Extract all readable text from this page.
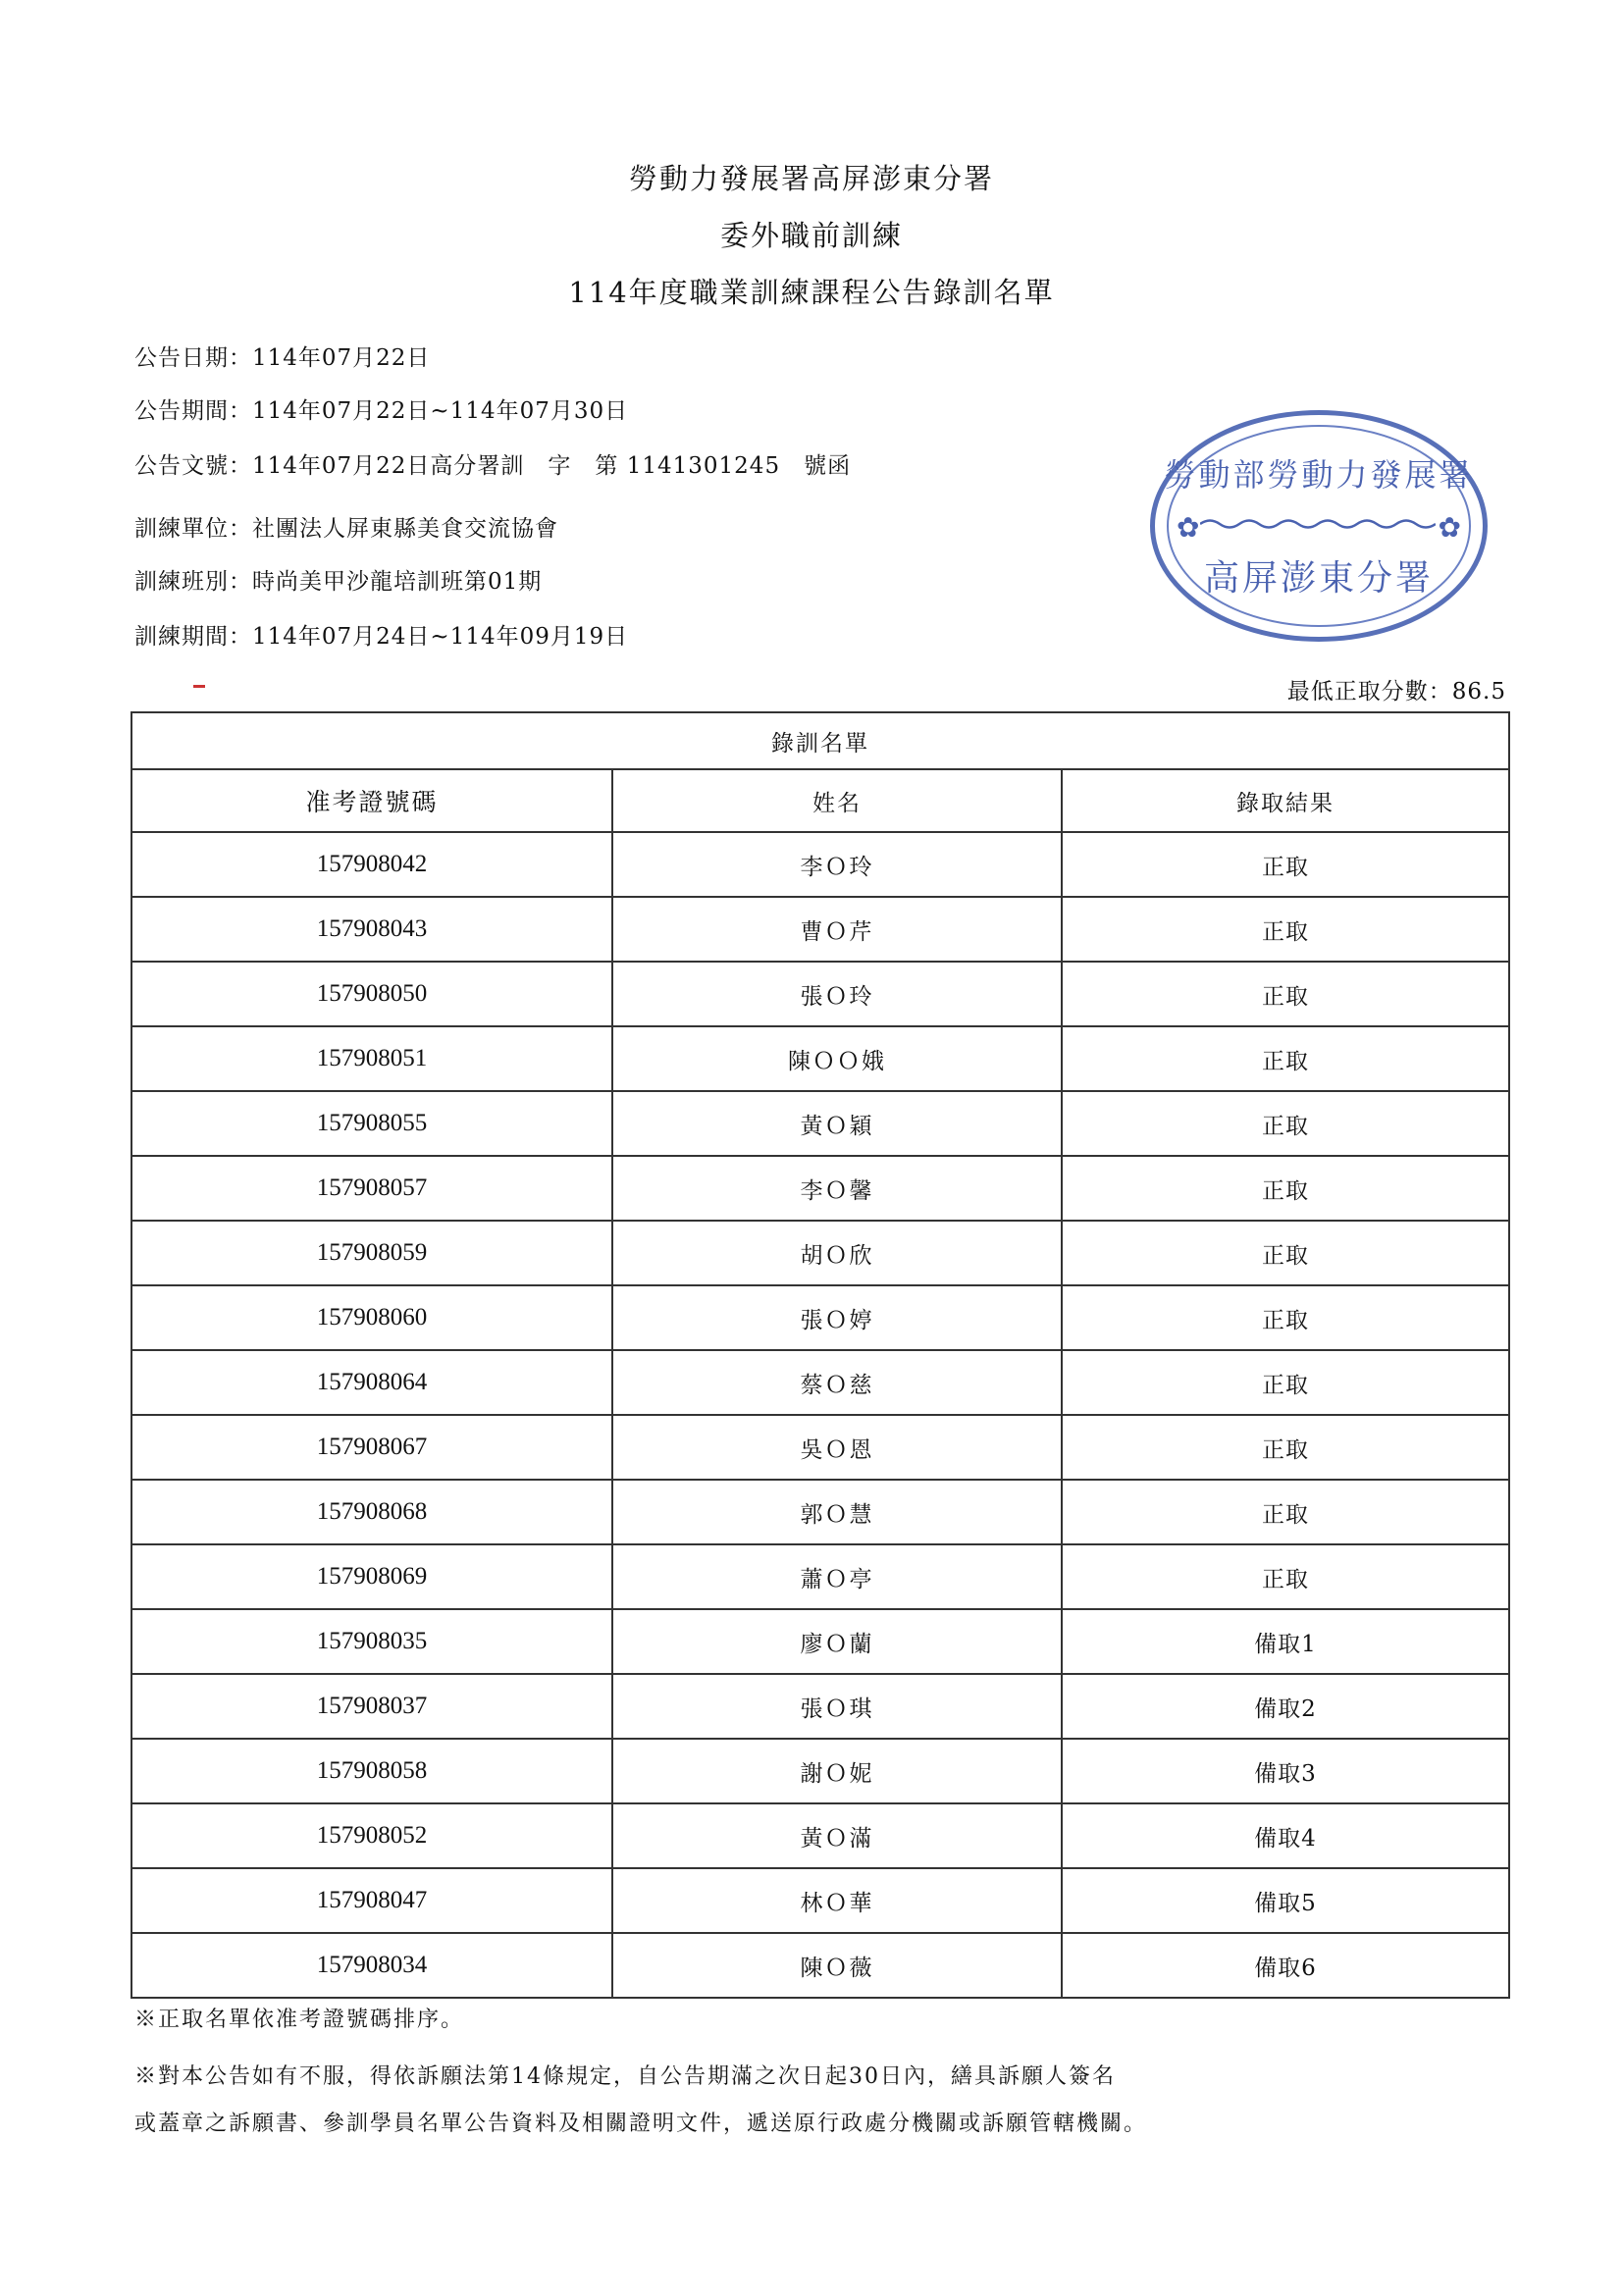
勞動力發展署高屏澎東分署
委外職前訓練
114年度職業訓練課程公告錄訓名單
公告日期：114年07月22日
公告期間：114年07月22日~114年07月30日
公告文號：114年07月22日高分署訓　字　第 1141301245　號函
訓練單位：社團法人屏東縣美食交流協會
訓練班別：時尚美甲沙龍培訓班第01期
訓練期間：114年07月24日~114年09月19日
最低正取分數：86.5
勞動部勞動力發展署
✿	✿
高屏澎東分署
錄訓名單		
准考證號碼	姓名	錄取結果
157908042	李Ｏ玲	正取
157908043	曹Ｏ芹	正取
157908050	張Ｏ玲	正取
157908051	陳ＯＯ娥	正取
157908055	黃Ｏ穎	正取
157908057	李Ｏ馨	正取
157908059	胡Ｏ欣	正取
157908060	張Ｏ婷	正取
157908064	蔡Ｏ慈	正取
157908067	吳Ｏ恩	正取
157908068	郭Ｏ慧	正取
157908069	蕭Ｏ亭	正取
157908035	廖Ｏ蘭	備取1
157908037	張Ｏ琪	備取2
157908058	謝Ｏ妮	備取3
157908052	黃Ｏ滿	備取4
157908047	林Ｏ華	備取5
157908034	陳Ｏ薇	備取6
※正取名單依准考證號碼排序。
※對本公告如有不服，得依訴願法第14條規定，自公告期滿之次日起30日內，繕具訴願人簽名
或蓋章之訴願書、參訓學員名單公告資料及相關證明文件，遞送原行政處分機關或訴願管轄機關。
